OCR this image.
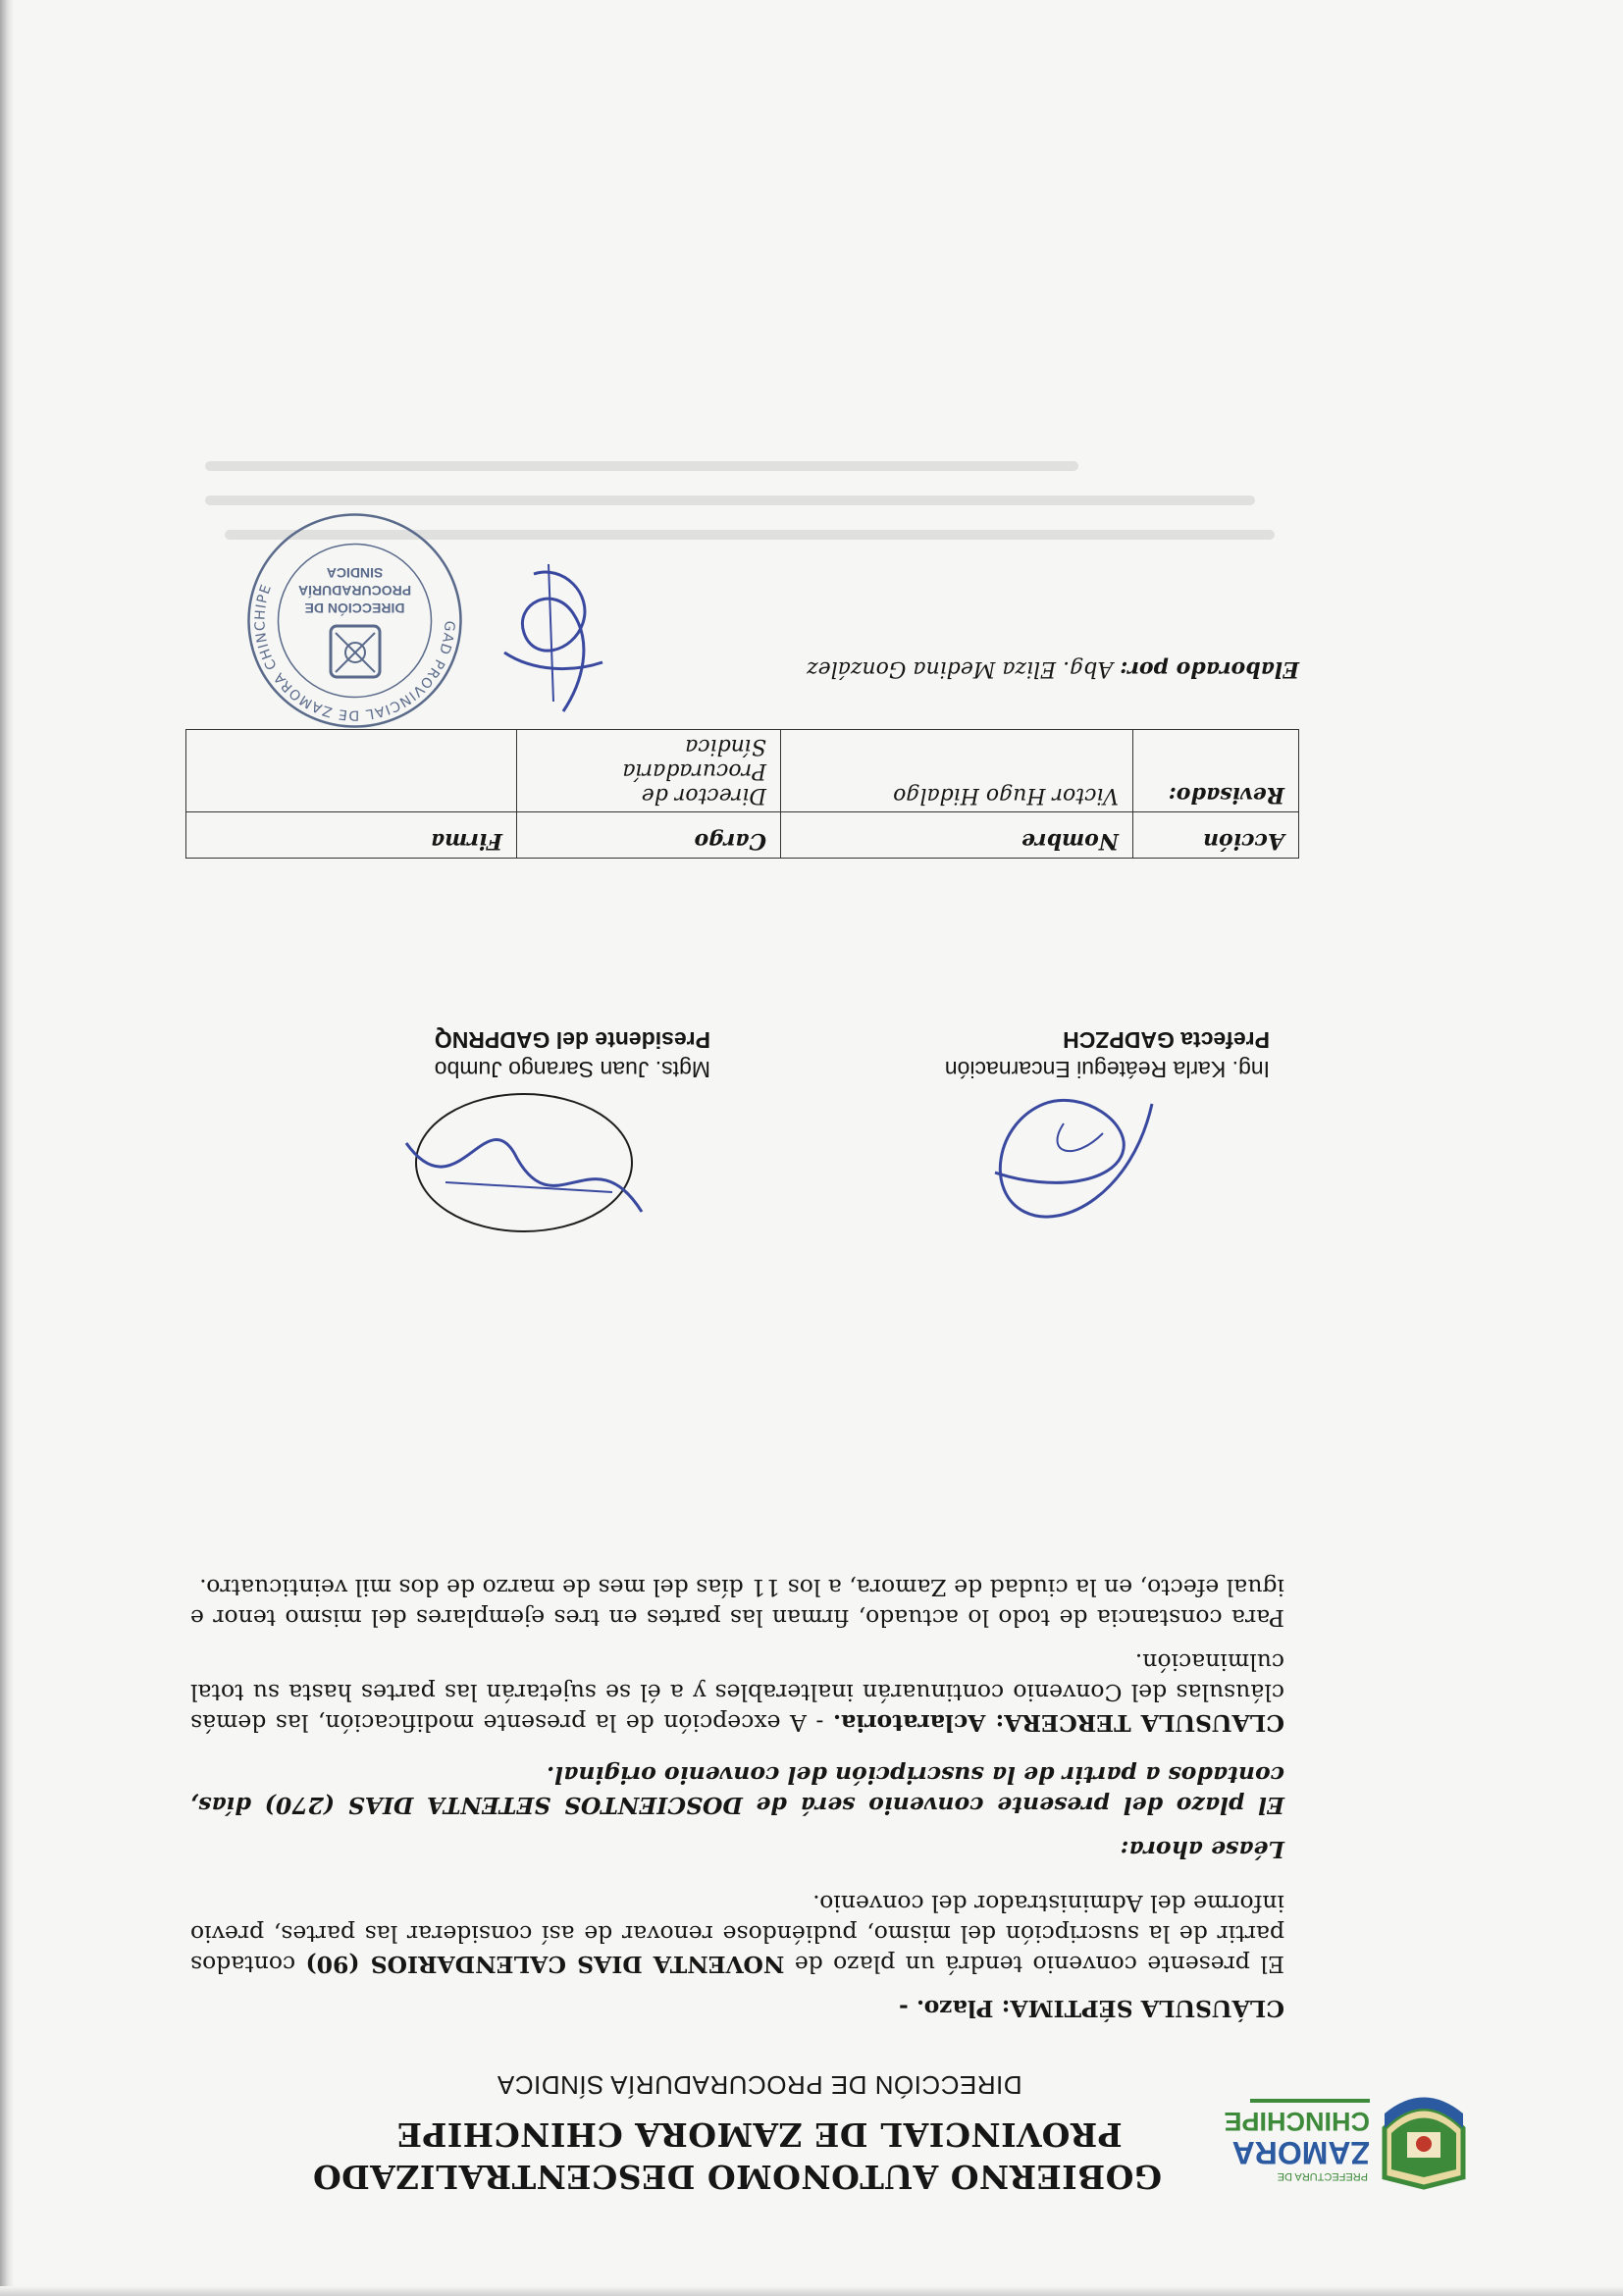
PREFECTURA DE
ZAMORA
CHINCHIPE
GOBIERNO AUTONOMO DESCENTRALIZADO
PROVINCIAL DE ZAMORA CHINCHIPE
DIRECCIÓN DE PROCURADURÍA SÍNDICA

CLÁUSULA SÉPTIMA: Plazo. -

El presente convenio tendrá un plazo de NOVENTA DIAS CALENDARIOS (90) contados partir de la suscripción del mismo, pudiéndose renovar de así considerar las partes, previo informe del Administrador del convenio.

Léase ahora:

El plazo del presente convenio será de DOSCIENTOS SETENTA DIAS (270) días, contados a partir de la suscripción del convenio original.

CLAUSULA TERCERA: Aclaratoria. - A excepción de la presente modificación, las demás cláusulas del Convenio continuarán inalterables y a él se sujetarán las partes hasta su total culminación.

Para constancia de todo lo actuado, firman las partes en tres ejemplares del mismo tenor e igual efecto, en la ciudad de Zamora, a los 11 días del mes de marzo de dos mil veinticuatro.

Ing. Karla Reátegui Encarnación
Prefecta GADPZCH
Mgts. Juan Sarango Jumbo
Presidente del GADPRNQ
Acción	Nombre	Cargo	Firma
Revisado:	Victor Hugo Hidalgo	Director de
Procuradaría
Síndica	

Elaborado por: Abg. Eliza Medina González
GAD PROVINCIAL DE ZAMORA CHINCHIPE
DIRECCIÓN DE
PROCURADURÍA
SINDICA
